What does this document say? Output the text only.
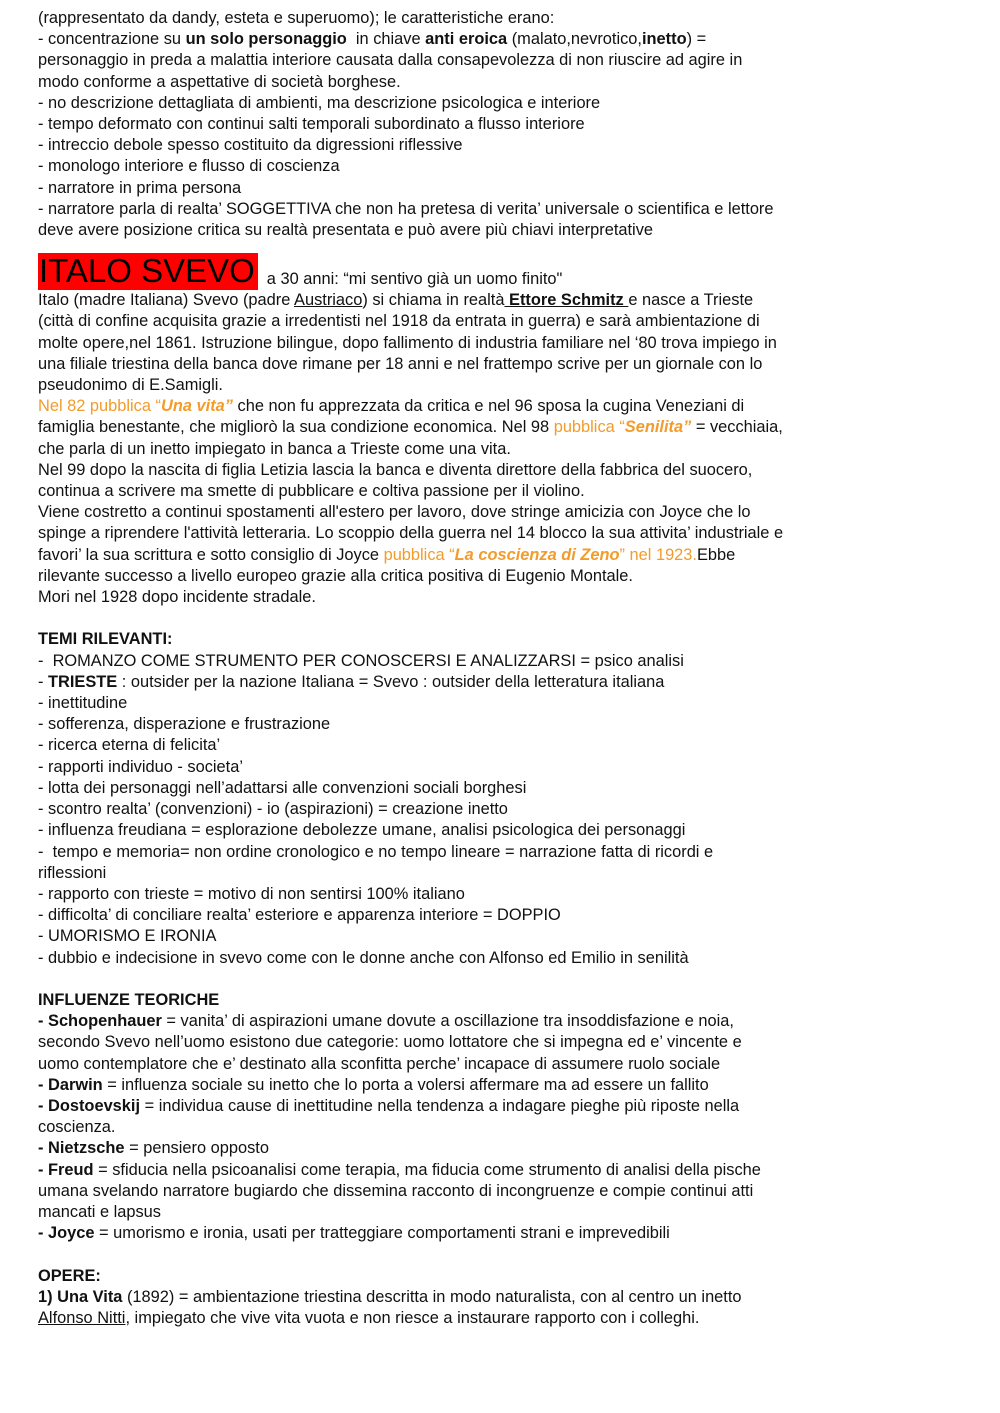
(rappresentato da dandy, esteta e superuomo); le caratteristiche erano:
- concentrazione su un solo personaggio  in chiave anti eroica (malato,nevrotico,inetto) =
personaggio in preda a malattia interiore causata dalla consapevolezza di non riuscire ad agire in
modo conforme a aspettative di società borghese.
- no descrizione dettagliata di ambienti, ma descrizione psicologica e interiore
- tempo deformato con continui salti temporali subordinato a flusso interiore
- intreccio debole spesso costituito da digressioni riflessive
- monologo interiore e flusso di coscienza
- narratore in prima persona
- narratore parla di realta’ SOGGETTIVA che non ha pretesa di verita’ universale o scientifica e lettore
deve avere posizione critica su realtà presentata e può avere più chiavi interpretative
ITALO SVEVO a 30 anni: “mi sentivo già un uomo finito"
Italo (madre Italiana) Svevo (padre Austriaco) si chiama in realtà Ettore Schmitz e nasce a Trieste
(città di confine acquisita grazie a irredentisti nel 1918 da entrata in guerra) e sarà ambientazione di
molte opere,nel 1861. Istruzione bilingue, dopo fallimento di industria familiare nel ‘80 trova impiego in
una filiale triestina della banca dove rimane per 18 anni e nel frattempo scrive per un giornale con lo
pseudonimo di E.Samigli.
Nel 82 pubblica “Una vita” che non fu apprezzata da critica e nel 96 sposa la cugina Veneziani di
famiglia benestante, che migliorò la sua condizione economica. Nel 98 pubblica “Senilita” = vecchiaia,
che parla di un inetto impiegato in banca a Trieste come una vita.
Nel 99 dopo la nascita di figlia Letizia lascia la banca e diventa direttore della fabbrica del suocero,
continua a scrivere ma smette di pubblicare e coltiva passione per il violino.
Viene costretto a continui spostamenti all'estero per lavoro, dove stringe amicizia con Joyce che lo
spinge a riprendere l'attività letteraria. Lo scoppio della guerra nel 14 blocco la sua attivita’ industriale e
favori’ la sua scrittura e sotto consiglio di Joyce pubblica “La coscienza di Zeno” nel 1923.Ebbe
rilevante successo a livello europeo grazie alla critica positiva di Eugenio Montale.
Mori nel 1928 dopo incidente stradale.
TEMI RILEVANTI:
-  ROMANZO COME STRUMENTO PER CONOSCERSI E ANALIZZARSI = psico analisi
- TRIESTE : outsider per la nazione Italiana = Svevo : outsider della letteratura italiana
- inettitudine
- sofferenza, disperazione e frustrazione
- ricerca eterna di felicita’
- rapporti individuo - societa’
- lotta dei personaggi nell’adattarsi alle convenzioni sociali borghesi
- scontro realta’ (convenzioni) - io (aspirazioni) = creazione inetto
- influenza freudiana = esplorazione debolezze umane, analisi psicologica dei personaggi
-  tempo e memoria= non ordine cronologico e no tempo lineare = narrazione fatta di ricordi e
riflessioni
- rapporto con trieste = motivo di non sentirsi 100% italiano
- difficolta’ di conciliare realta’ esteriore e apparenza interiore = DOPPIO
- UMORISMO E IRONIA
- dubbio e indecisione in svevo come con le donne anche con Alfonso ed Emilio in senilità
INFLUENZE TEORICHE
- Schopenhauer = vanita’ di aspirazioni umane dovute a oscillazione tra insoddisfazione e noia,
secondo Svevo nell’uomo esistono due categorie: uomo lottatore che si impegna ed e’ vincente e
uomo contemplatore che e’ destinato alla sconfitta perche’ incapace di assumere ruolo sociale
- Darwin = influenza sociale su inetto che lo porta a volersi affermare ma ad essere un fallito
- Dostoevskij = individua cause di inettitudine nella tendenza a indagare pieghe più riposte nella
coscienza.
- Nietzsche = pensiero opposto
- Freud = sfiducia nella psicoanalisi come terapia, ma fiducia come strumento di analisi della pische
umana svelando narratore bugiardo che dissemina racconto di incongruenze e compie continui atti
mancati e lapsus
- Joyce = umorismo e ironia, usati per tratteggiare comportamenti strani e imprevedibili
OPERE:
1) Una Vita (1892) = ambientazione triestina descritta in modo naturalista, con al centro un inetto
Alfonso Nitti, impiegato che vive vita vuota e non riesce a instaurare rapporto con i colleghi.
